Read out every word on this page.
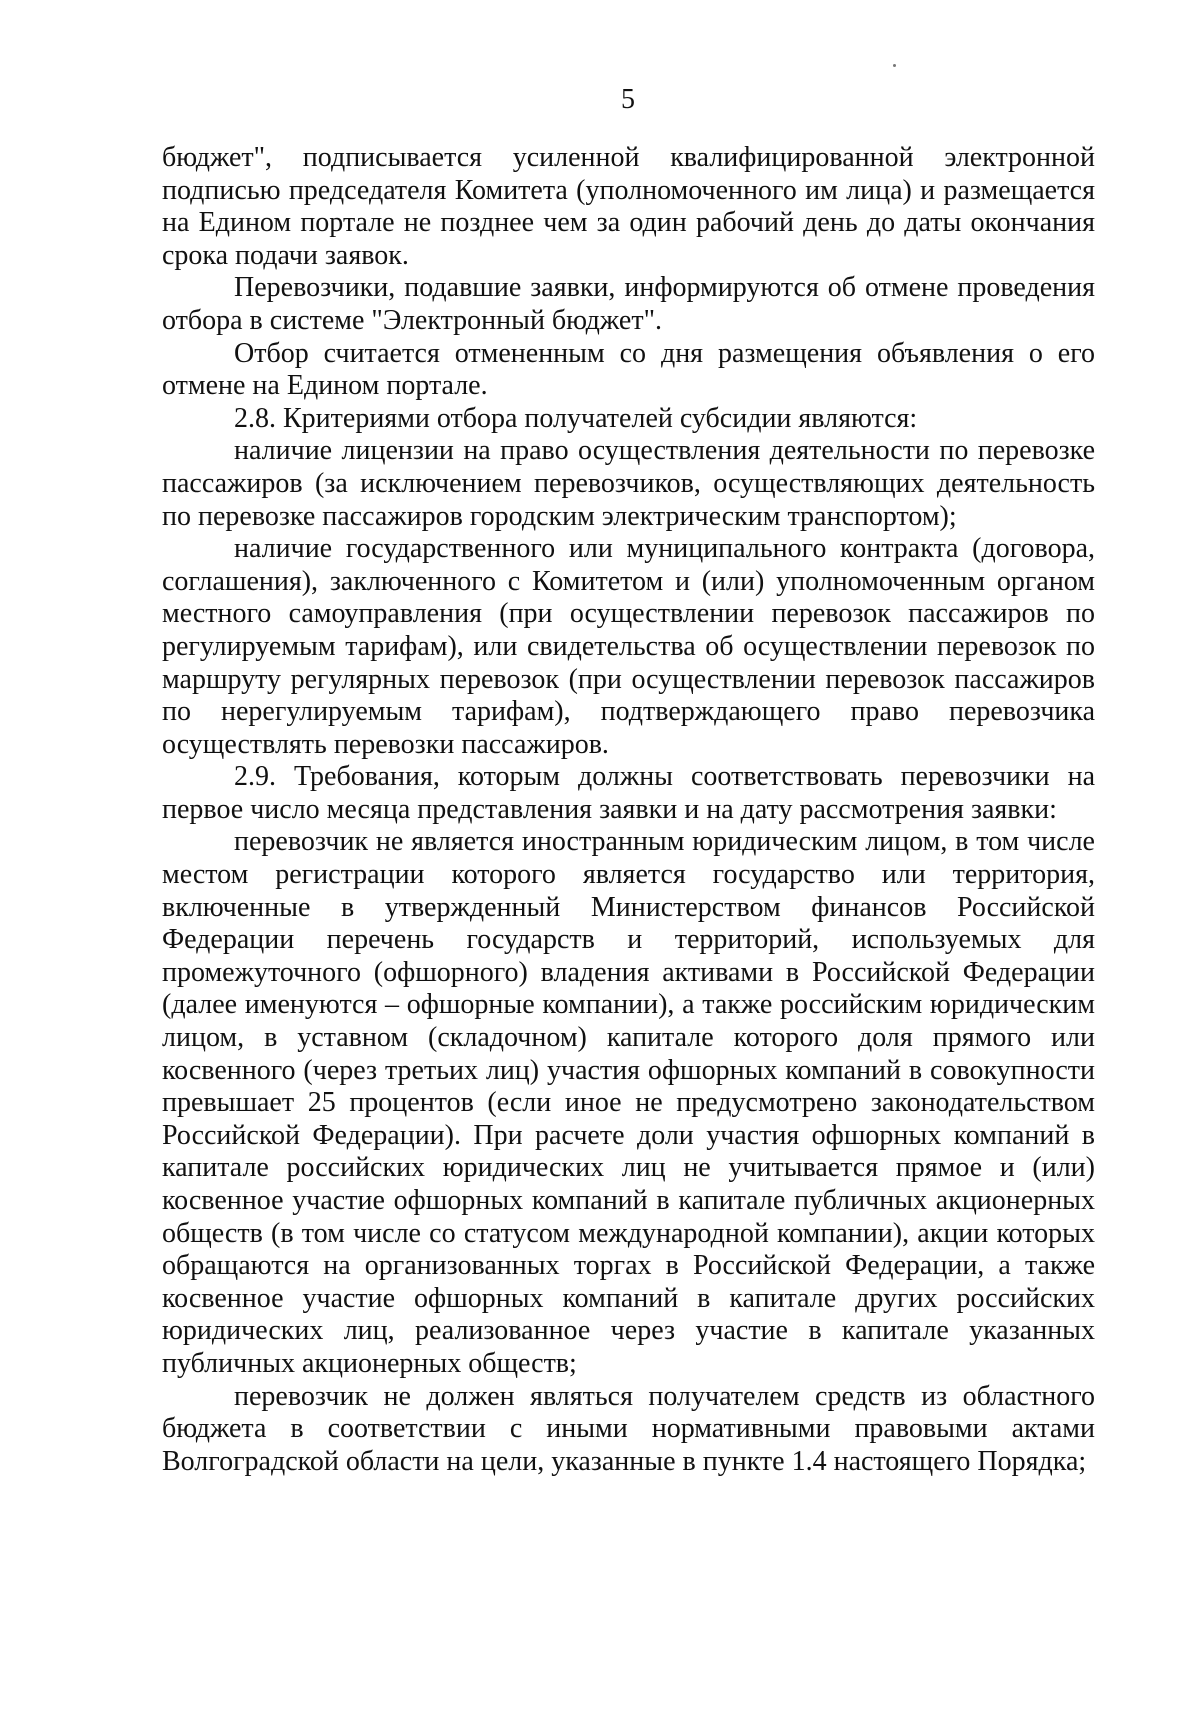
5

бюджет", подписывается усиленной квалифицированной электронной подписью председателя Комитета (уполномоченного им лица) и размещается на Едином портале не позднее чем за один рабочий день до даты окончания срока подачи заявок.

Перевозчики, подавшие заявки, информируются об отмене проведения отбора в системе "Электронный бюджет".

Отбор считается отмененным со дня размещения объявления о его отмене на Едином портале.

2.8. Критериями отбора получателей субсидии являются:

наличие лицензии на право осуществления деятельности по перевозке пассажиров (за исключением перевозчиков, осуществляющих деятельность по перевозке пассажиров городским электрическим транспортом);

наличие государственного или муниципального контракта (договора, соглашения), заключенного с Комитетом и (или) уполномоченным органом местного самоуправления (при осуществлении перевозок пассажиров по регулируемым тарифам), или свидетельства об осуществлении перевозок по маршруту регулярных перевозок (при осуществлении перевозок пассажиров по нерегулируемым тарифам), подтверждающего право перевозчика осуществлять перевозки пассажиров.

2.9. Требования, которым должны соответствовать перевозчики на первое число месяца представления заявки и на дату рассмотрения заявки:

перевозчик не является иностранным юридическим лицом, в том числе местом регистрации которого является государство или территория, включенные в утвержденный Министерством финансов Российской Федерации перечень государств и территорий, используемых для промежуточного (офшорного) владения активами в Российской Федерации (далее именуются – офшорные компании), а также российским юридическим лицом, в уставном (складочном) капитале которого доля прямого или косвенного (через третьих лиц) участия офшорных компаний в совокупности превышает 25 процентов (если иное не предусмотрено законодательством Российской Федерации). При расчете доли участия офшорных компаний в капитале российских юридических лиц не учитывается прямое и (или) косвенное участие офшорных компаний в капитале публичных акционерных обществ (в том числе со статусом международной компании), акции которых обращаются на организованных торгах в Российской Федерации, а также косвенное участие офшорных компаний в капитале других российских юридических лиц, реализованное через участие в капитале указанных публичных акционерных обществ;

перевозчик не должен являться получателем средств из областного бюджета в соответствии с иными нормативными правовыми актами Волгоградской области на цели, указанные в пункте 1.4 настоящего Порядка;
